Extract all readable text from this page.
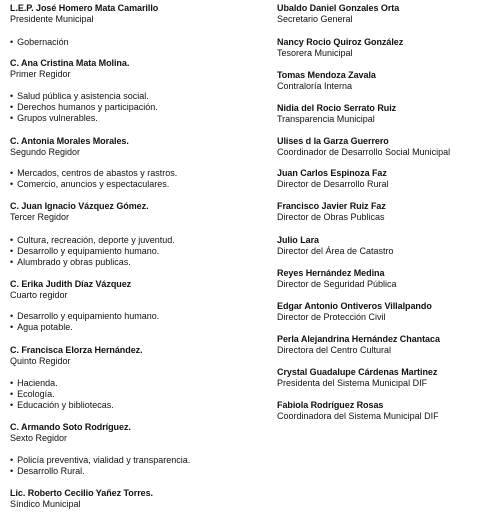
L.E.P. José Homero Mata Camarillo
Presidente Municipal
• Gobernación
C. Ana Cristina Mata Molina.
Primer Regidor
• Salud pública y asistencia social.
• Derechos humanos y participación.
• Grupos vulnerables.
C. Antonia Morales Morales.
Segundo Regidor
• Mercados, centros de abastos y rastros.
• Comercio, anuncios y espectaculares.
C. Juan Ignacio Vázquez Gómez.
Tercer Regidor
• Cultura, recreación, deporte y juventud.
• Desarrollo y equipamiento humano.
• Alumbrado y obras publicas.
C. Erika Judith Díaz Vázquez
Cuarto regidor
• Desarrollo y equipamiento humano.
• Agua potable.
C. Francisca Elorza Hernández.
Quinto Regidor
• Hacienda.
• Ecología.
• Educación y bibliotecas.
C. Armando Soto Rodríguez.
Sexto Regidor
• Policía preventiva, vialidad y transparencia.
• Desarrollo Rural.
Lic. Roberto Cecilio Yañez Torres.
Síndico Municipal
Ubaldo Daniel Gonzales Orta
Secretario General
Nancy Rocio Quiroz González
Tesorera Municipal
Tomas Mendoza Zavala
Contraloría Interna
Nidia del Rocio Serrato Ruiz
Transparencia Municipal
Ulises d la Garza Guerrero
Coordinador de Desarrollo Social Municipal
Juan Carlos Espinoza Faz
Director de Desarrollo Rural
Francisco Javier Ruiz Faz
Director de Obras Publicas
Julio Lara
Director del Área de Catastro
Reyes Hernández Medina
Director de Seguridad Pública
Edgar Antonio Ontiveros Villalpando
Director de Protección Civil
Perla Alejandrina Hernández Chantaca
Directora del Centro Cultural
Crystal Guadalupe Cárdenas Martinez
Presidenta del Sistema Municipal DIF
Fabiola Rodríguez Rosas
Coordinadora del Sistema Municipal DIF
